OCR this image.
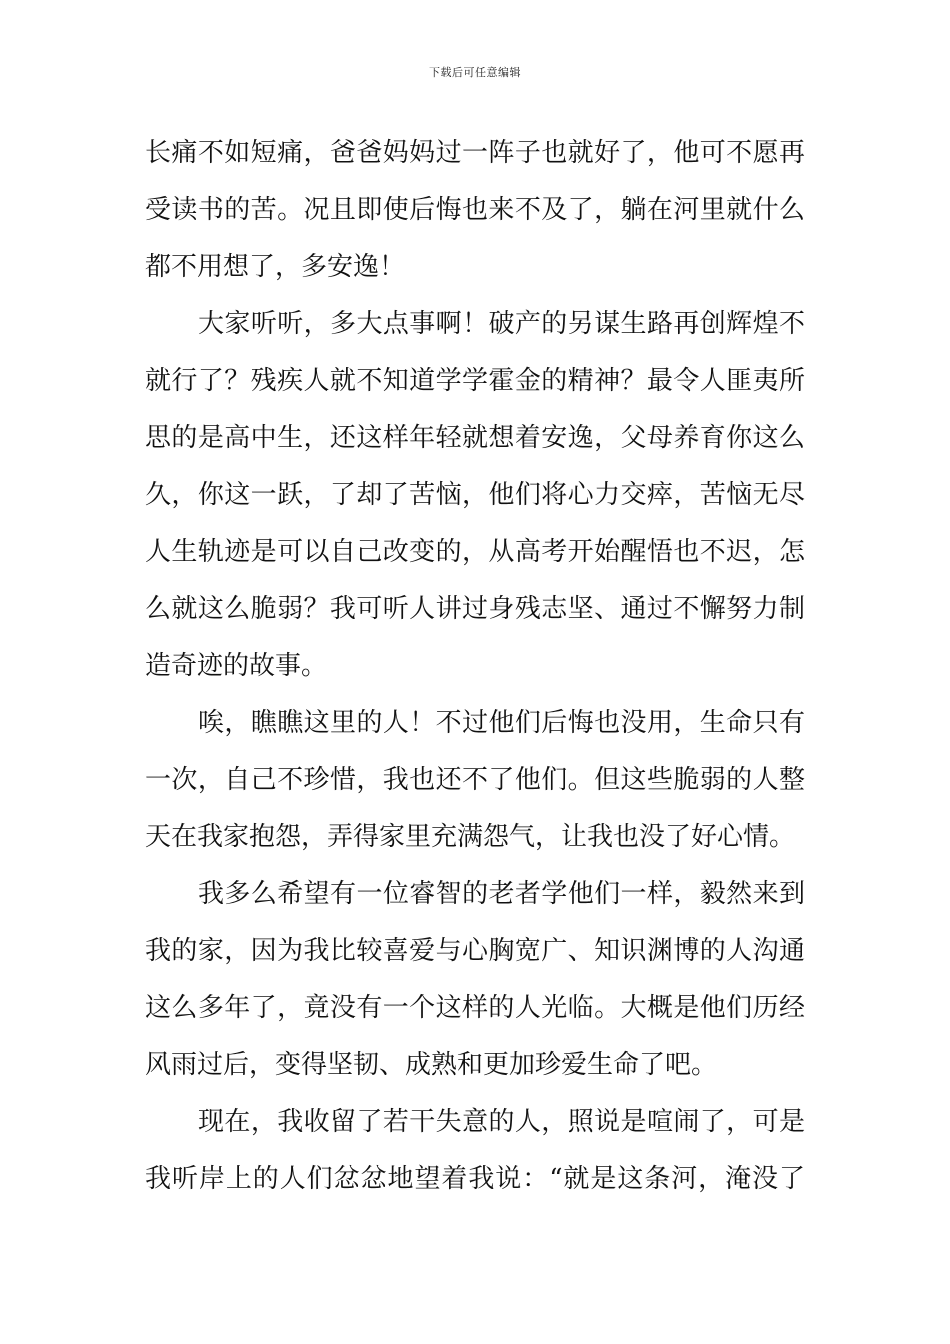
下载后可任意编辑
长痛不如短痛，爸爸妈妈过一阵子也就好了，他可不愿再
受读书的苦。况且即使后悔也来不及了，躺在河里就什么
都不用想了，多安逸！
大家听听，多大点事啊！破产的另谋生路再创辉煌不
就行了？残疾人就不知道学学霍金的精神？最令人匪夷所
思的是高中生，还这样年轻就想着安逸，父母养育你这么
久，你这一跃，了却了苦恼，他们将心力交瘁，苦恼无尽
人生轨迹是可以自己改变的，从高考开始醒悟也不迟，怎
么就这么脆弱？我可听人讲过身残志坚、通过不懈努力制
造奇迹的故事。
唉，瞧瞧这里的人！不过他们后悔也没用，生命只有
一次，自己不珍惜，我也还不了他们。但这些脆弱的人整
天在我家抱怨，弄得家里充满怨气，让我也没了好心情。
我多么希望有一位睿智的老者学他们一样，毅然来到
我的家，因为我比较喜爱与心胸宽广、知识渊博的人沟通
这么多年了，竟没有一个这样的人光临。大概是他们历经
风雨过后，变得坚韧、成熟和更加珍爱生命了吧。
现在，我收留了若干失意的人，照说是喧闹了，可是
我听岸上的人们忿忿地望着我说：“就是这条河，淹没了
